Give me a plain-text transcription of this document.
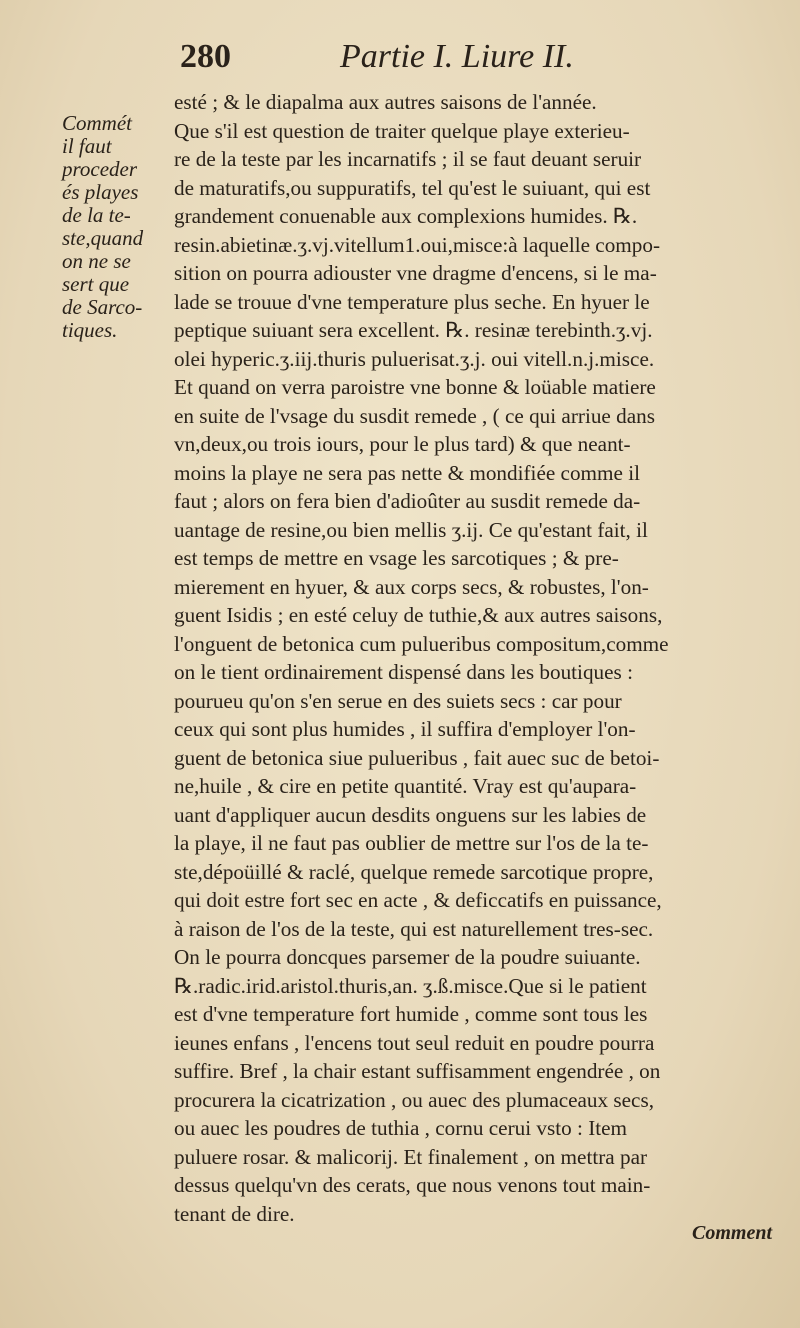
280	Partie I. Liure II.
Commét
il faut
proceder
és playes
de la te-
ste,quand
on ne se
sert que
de Sarco-
tiques.
esté ; & le diapalma aux autres saisons de l'année.
Que s'il est question de traiter quelque playe exterieu-
re de la teste par les incarnatifs ; il se faut deuant seruir
de maturatifs,ou suppuratifs, tel qu'est le suiuant, qui est
grandement conuenable aux complexions humides. ℞.
resin.abietinæ.ʒ.vj.vitellum1.oui,misce:à laquelle compo-
sition on pourra adiouster vne dragme d'encens, si le ma-
lade se trouue d'vne temperature plus seche. En hyuer le
peptique suiuant sera excellent. ℞. resinæ terebinth.ʒ.vj.
olei hyperic.ʒ.iij.thuris puluerisat.ʒ.j. oui vitell.n.j.misce.
Et quand on verra paroistre vne bonne & loüable matiere
en suite de l'vsage du susdit remede , ( ce qui arriue dans
vn,deux,ou trois iours, pour le plus tard) & que neant-
moins la playe ne sera pas nette & mondifiée comme il
faut ; alors on fera bien d'adioûter au susdit remede da-
uantage de resine,ou bien mellis ʒ.ij. Ce qu'estant fait, il
est temps de mettre en vsage les sarcotiques ; & pre-
mierement en hyuer, & aux corps secs, & robustes, l'on-
guent Isidis ; en esté celuy de tuthie,& aux autres saisons,
l'onguent de betonica cum pulueribus compositum,comme
on le tient ordinairement dispensé dans les boutiques :
pourueu qu'on s'en serue en des suiets secs : car pour
ceux qui sont plus humides , il suffira d'employer l'on-
guent de betonica siue pulueribus , fait auec suc de betoi-
ne,huile , & cire en petite quantité. Vray est qu'aupara-
uant d'appliquer aucun desdits onguens sur les labies de
la playe, il ne faut pas oublier de mettre sur l'os de la te-
ste,dépoüillé & raclé, quelque remede sarcotique propre,
qui doit estre fort sec en acte , & deficcatifs en puissance,
à raison de l'os de la teste, qui est naturellement tres-sec.
On le pourra doncques parsemer de la poudre suiuante.
℞.radic.irid.aristol.thuris,an. ʒ.ß.misce.Que si le patient
est d'vne temperature fort humide , comme sont tous les
ieunes enfans , l'encens tout seul reduit en poudre pourra
suffire. Bref , la chair estant suffisamment engendrée , on
procurera la cicatrization , ou auec des plumaceaux secs,
ou auec les poudres de tuthia , cornu cerui vsto : Item
puluere rosar. & malicorij. Et finalement , on mettra par
dessus quelqu'vn des cerats, que nous venons tout main-
tenant de dire.
Comment
